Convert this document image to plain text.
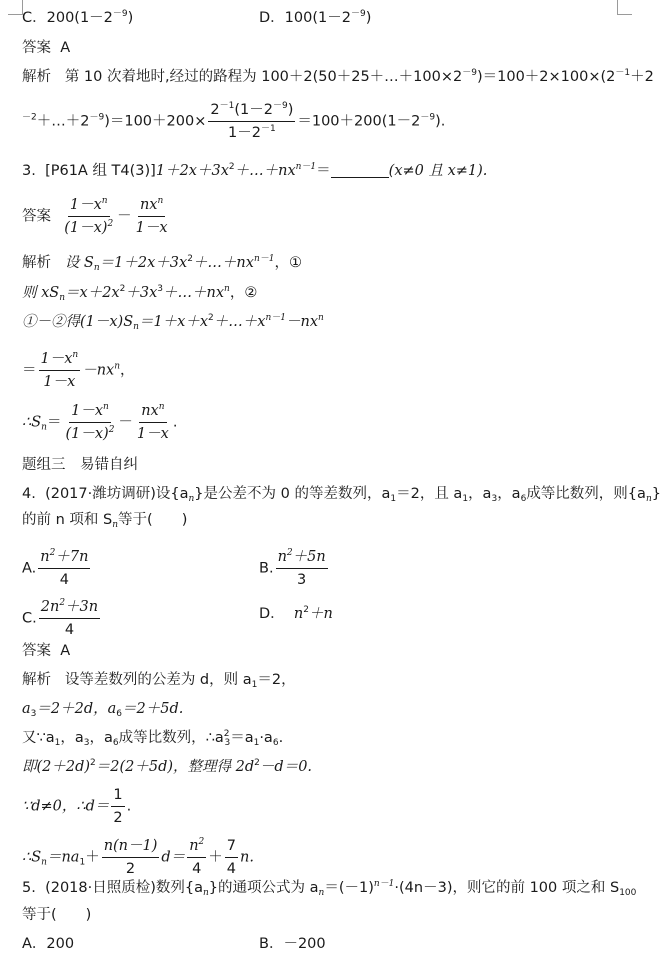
C．$200(1-2^{-9})$	D．$100(1-2^{-9})$
答案 A
解析 第 10 次着地时,经过的路程为 $100+2(50+25+\dots+100\times 2^{-9})=100+2\times 100\times(2^{-1}+2$
$^{-2}+\dots+2^{-9})=100+200\times \frac{2^{-1}(1-2^{-9})}{1-2^{-1}} =100+200(1-2^{-9})$.
3. [P61A 组 $T4(3)]1+2x+3x^2+\dots+nx^{n-1}=$	(x≠0 且 x≠1).
答案 $\frac{1-x^n}{(1-x)^2} - \frac{nx^n}{1-x}$
解析 设 $S_n=1+2x+3x^2+\dots+nx^{n-1}$，①
则 $xS_n=x+2x^2+3x^3+\dots+nx^n$，②
①－②得$(1-x)S_n=1+x+x^2+\dots+x^{n-1}-nx^n$
＝ $\frac{1-x^n}{1-x} -nx^n$，
$\therefore S_n= \frac{1-x^n}{(1-x)^2} - \frac{nx^n}{1-x}$ .
题组三　易错自纠
4. (2017·潍坊调研)设$\{a_n\}$是公差不为 0 的等差数列，$a_1=2$，且 $a_1$，$a_3$，$a_6$成等比数列，则$\{a_n\}$
的前 n 项和 $S_n$等于(　　)
A. $\frac{n^2+7n}{4}$	B. $\frac{n^2+5n}{3}$
C. $\frac{2n^2+3n}{4}$	D． $n^2+n$
答案 A
解析 设等差数列的公差为 d，则 $a_1=2$，
$a_3=2+2d$，$a_6=2+5d$.
又$\because a_1$，$a_3$，$a_6$成等比数列，$\therefore a^2_3=a_1\cdot a_6$.
即$(2+2d)^2=2(2+5d)$，整理得 $2d^2-d=0$.
∵d≠0，∴d＝ $\frac{1}{2}$ .
$\therefore S_n=na_1+ \frac{n(n-1)}{2} d= \frac{n^2}{4} + \frac{7}{4} n$.
5. (2018·日照质检)数列$\{a_n\}$的通项公式为 $a_n=(-1)^{n-1}\cdot(4n-3)$，则它的前 100 项之和 $S_{100}$
等于(　　)
A．200	B．－200
